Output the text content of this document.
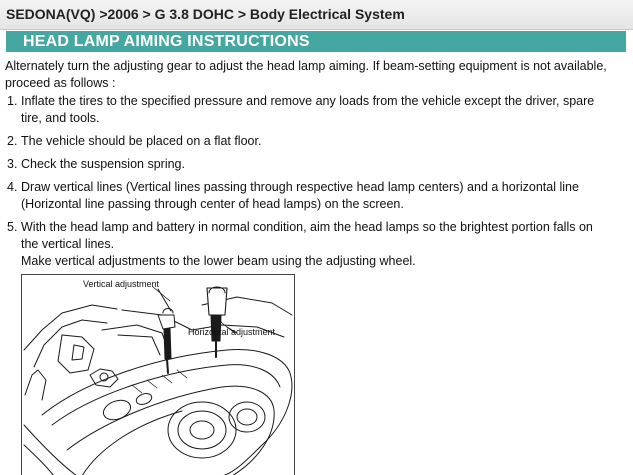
SEDONA(VQ) >2006 > G 3.8 DOHC > Body Electrical System
HEAD LAMP AIMING INSTRUCTIONS
Alternately turn the adjusting gear to adjust the head lamp aiming. If beam-setting equipment is not available,
proceed as follows :
1. Inflate the tires to the specified pressure and remove any loads from the vehicle except the driver, spare
tire, and tools.
2. The vehicle should be placed on a flat floor.
3. Check the suspension spring.
4. Draw vertical lines (Vertical lines passing through respective head lamp centers) and a horizontal line
(Horizontal line passing through center of head lamps) on the screen.
5. With the head lamp and battery in normal condition, aim the head lamps so the brightest portion falls on
the vertical lines.
Make vertical adjustments to the lower beam using the adjusting wheel.
Vertical adjustment
Horizontal adjustment
